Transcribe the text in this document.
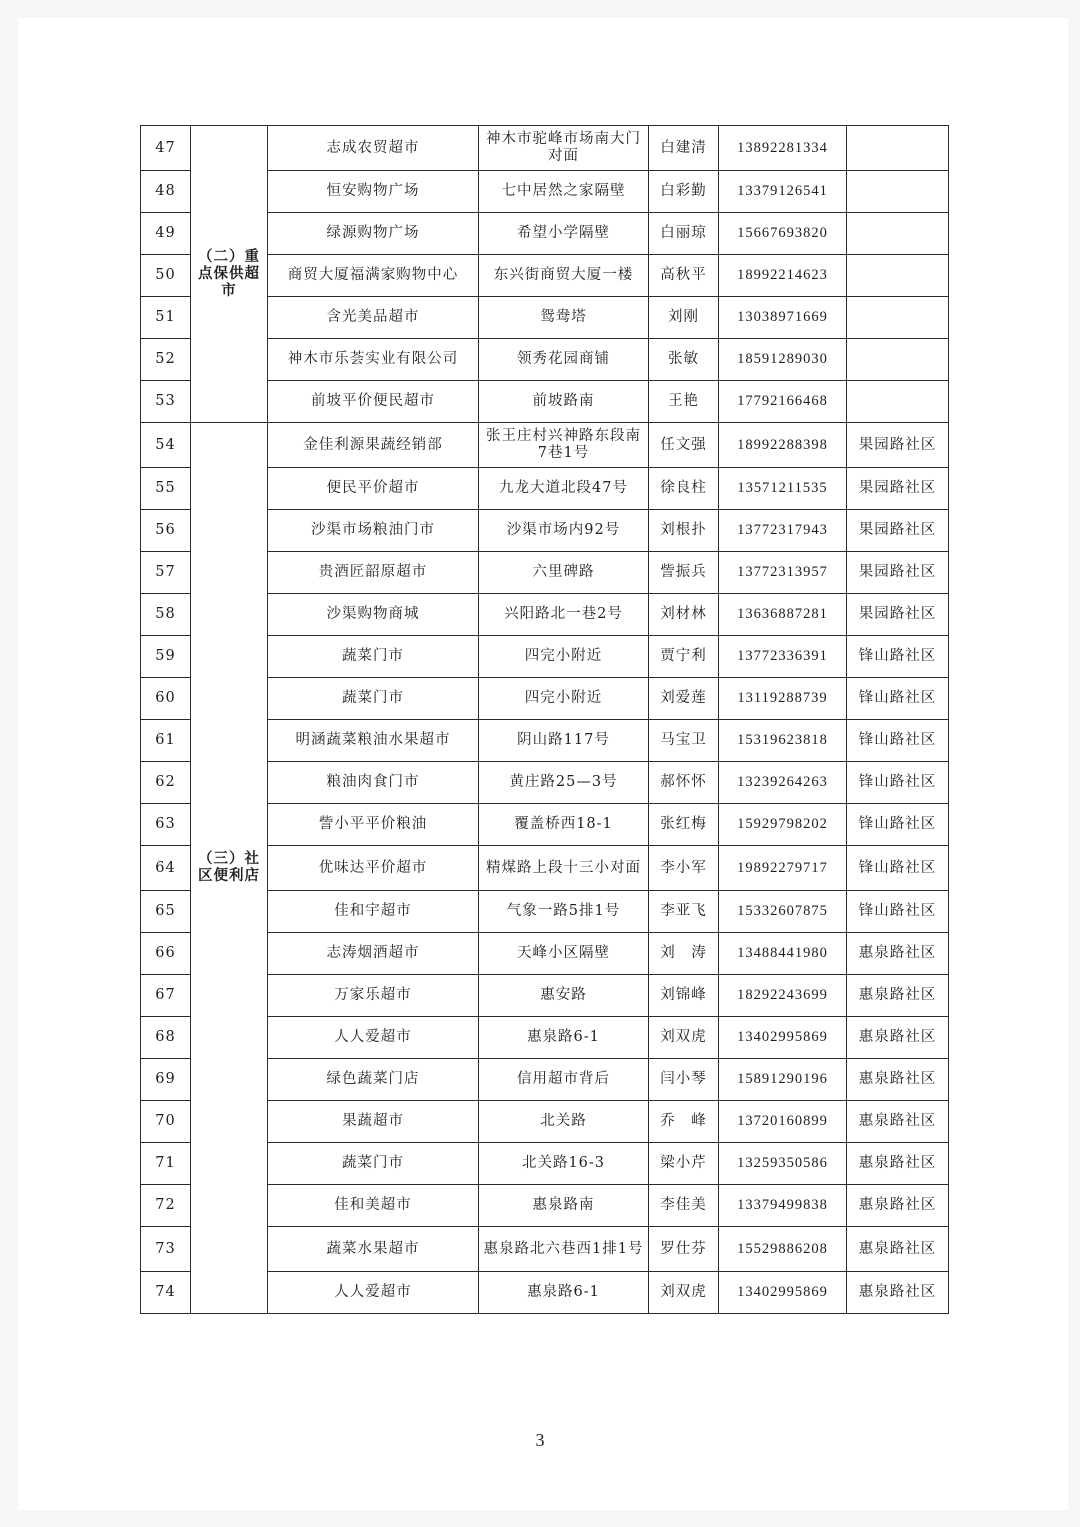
47	（二）重点保供超市	志成农贸超市	神木市驼峰市场南大门对面	白建清	13892281334	
48		恒安购物广场	七中居然之家隔壁	白彩勤	13379126541	
49		绿源购物广场	希望小学隔壁	白丽琼	15667693820	
50		商贸大厦福满家购物中心	东兴街商贸大厦一楼	高秋平	18992214623	
51		含光美品超市	鸳鸯塔	刘刚	13038971669	
52		神木市乐荟实业有限公司	领秀花园商铺	张敏	18591289030	
53		前坡平价便民超市	前坡路南	王艳	17792166468	
54	（三）社区便利店	金佳利源果蔬经销部	张王庄村兴神路东段南7巷1号	任文强	18992288398	果园路社区
55		便民平价超市	九龙大道北段47号	徐良柱	13571211535	果园路社区
56		沙渠市场粮油门市	沙渠市场内92号	刘根扑	13772317943	果园路社区
57		贵酒匠韶原超市	六里碑路	訾振兵	13772313957	果园路社区
58		沙渠购物商城	兴阳路北一巷2号	刘材林	13636887281	果园路社区
59		蔬菜门市	四完小附近	贾宁利	13772336391	锋山路社区
60		蔬菜门市	四完小附近	刘爱莲	13119288739	锋山路社区
61		明涵蔬菜粮油水果超市	阴山路117号	马宝卫	15319623818	锋山路社区
62		粮油肉食门市	黄庄路25—3号	郝怀怀	13239264263	锋山路社区
63		訾小平平价粮油	覆盖桥西18-1	张红梅	15929798202	锋山路社区
64		优味达平价超市	精煤路上段十三小对面	李小军	19892279717	锋山路社区
65		佳和宇超市	气象一路5排1号	李亚飞	15332607875	锋山路社区
66		志涛烟酒超市	天峰小区隔壁	刘　涛	13488441980	惠泉路社区
67		万家乐超市	惠安路	刘锦峰	18292243699	惠泉路社区
68		人人爱超市	惠泉路6-1	刘双虎	13402995869	惠泉路社区
69		绿色蔬菜门店	信用超市背后	闫小琴	15891290196	惠泉路社区
70		果蔬超市	北关路	乔　峰	13720160899	惠泉路社区
71		蔬菜门市	北关路16-3	梁小芹	13259350586	惠泉路社区
72		佳和美超市	惠泉路南	李佳美	13379499838	惠泉路社区
73		蔬菜水果超市	惠泉路北六巷西1排1号	罗仕芬	15529886208	惠泉路社区
74		人人爱超市	惠泉路6-1	刘双虎	13402995869	惠泉路社区
3
